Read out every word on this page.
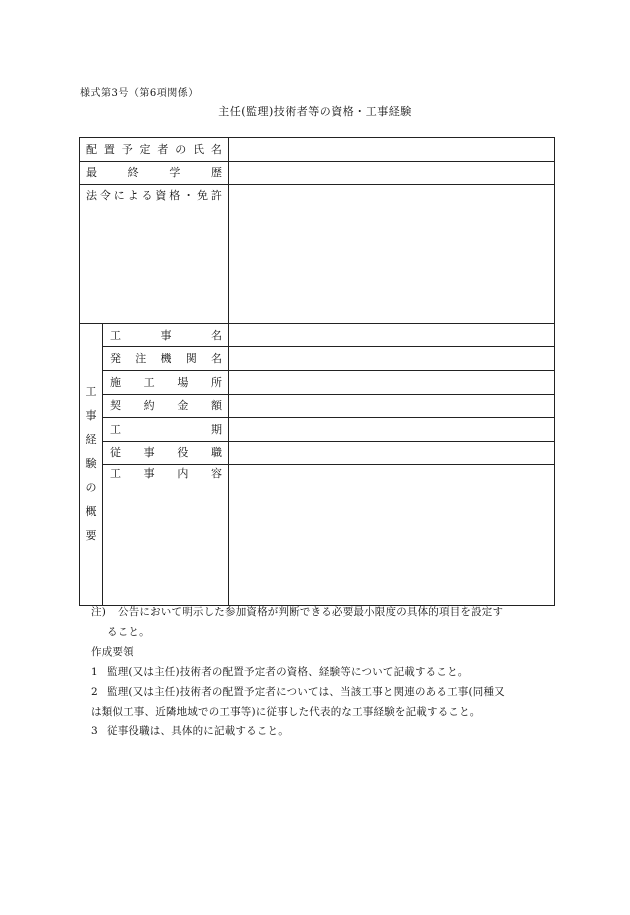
様式第3号（第6項関係）
主任(監理)技術者等の資格・工事経験
配 置 予 定 者 の 氏 名
最	終	学	歴
法 令 に よ る 資 格 ・ 免 許
工
事
経
験
の
概
要
工	事	名
発 注 機 関 名
施 工 場 所
契 約 金 額
工	期
従 事 役 職
工 事 内 容
注) 公告において明示した参加資格が判断できる必要最小限度の具体的項目を設定す
ること。
作成要領
1 監理(又は主任)技術者の配置予定者の資格、経験等について記載すること。
2 監理(又は主任)技術者の配置予定者については、当該工事と関連のある工事(同種又
は類似工事、近隣地域での工事等)に従事した代表的な工事経験を記載すること。
3 従事役職は、具体的に記載すること。
